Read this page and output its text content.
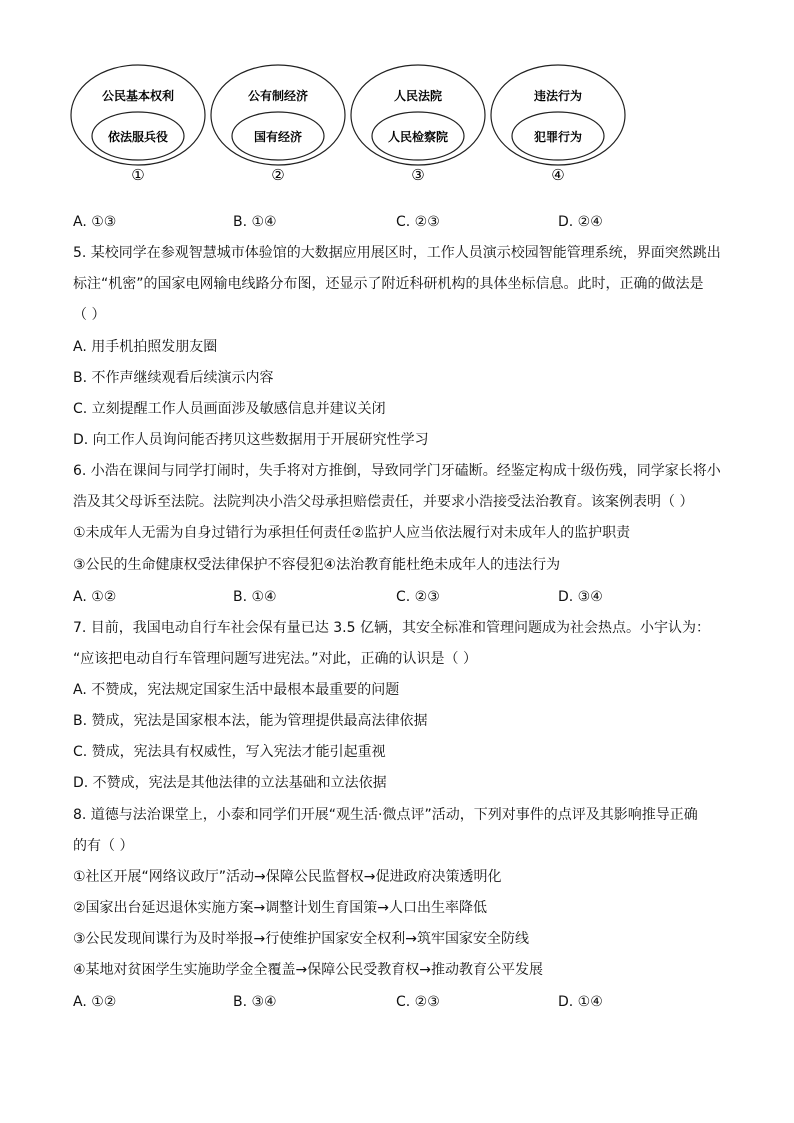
公民基本权利
依法服兵役
①
公有制经济
国有经济
②
人民法院
人民检察院
③
违法行为
犯罪行为
④
A. ①③	B. ①④	C. ②③	D. ②④
5. 某校同学在参观智慧城市体验馆的大数据应用展区时，工作人员演示校园智能管理系统，界面突然跳出
标注“机密”的国家电网输电线路分布图，还显示了附近科研机构的具体坐标信息。此时，正确的做法是
（ ）
A. 用手机拍照发朋友圈
B. 不作声继续观看后续演示内容
C. 立刻提醒工作人员画面涉及敏感信息并建议关闭
D. 向工作人员询问能否拷贝这些数据用于开展研究性学习
6. 小浩在课间与同学打闹时，失手将对方推倒，导致同学门牙磕断。经鉴定构成十级伤残，同学家长将小
浩及其父母诉至法院。法院判决小浩父母承担赔偿责任，并要求小浩接受法治教育。该案例表明（ ）
①未成年人无需为自身过错行为承担任何责任②监护人应当依法履行对未成年人的监护职责
③公民的生命健康权受法律保护不容侵犯④法治教育能杜绝未成年人的违法行为
A. ①②	B. ①④	C. ②③	D. ③④
7. 目前，我国电动自行车社会保有量已达 3.5 亿辆，其安全标准和管理问题成为社会热点。小宇认为：
“应该把电动自行车管理问题写进宪法。”对此，正确的认识是（ ）
A. 不赞成，宪法规定国家生活中最根本最重要的问题
B. 赞成，宪法是国家根本法，能为管理提供最高法律依据
C. 赞成，宪法具有权威性，写入宪法才能引起重视
D. 不赞成，宪法是其他法律的立法基础和立法依据
8. 道德与法治课堂上，小泰和同学们开展“观生活·微点评”活动，下列对事件的点评及其影响推导正确
的有（ ）
①社区开展“网络议政厅”活动→保障公民监督权→促进政府决策透明化
②国家出台延迟退休实施方案→调整计划生育国策→人口出生率降低
③公民发现间谍行为及时举报→行使维护国家安全权利→筑牢国家安全防线
④某地对贫困学生实施助学金全覆盖→保障公民受教育权→推动教育公平发展
A. ①②	B. ③④	C. ②③	D. ①④
